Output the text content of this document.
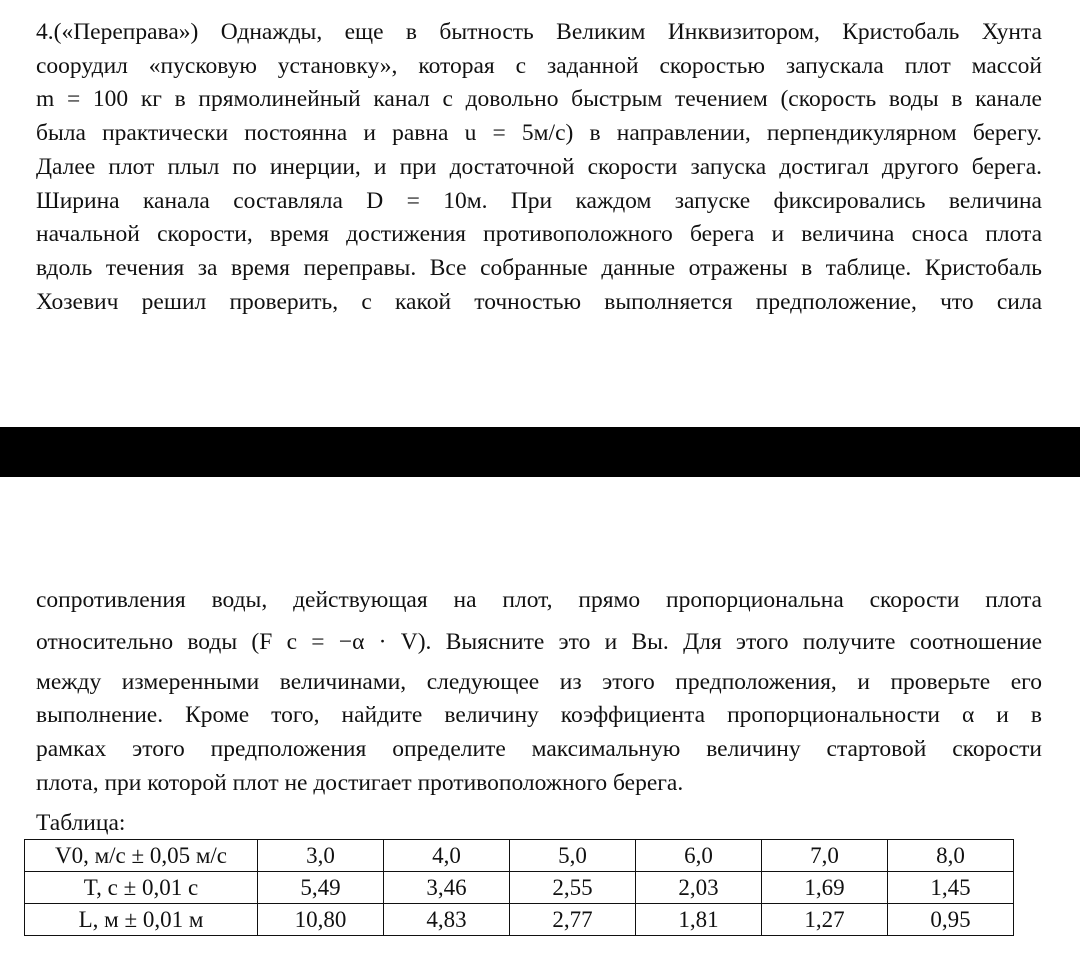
4.(«Переправа») Однажды, еще в бытность Великим Инквизитором, Кристобаль Хунта
соорудил «пусковую установку», которая с заданной скоростью запускала плот массой
m = 100 кг в прямолинейный канал с довольно быстрым течением (скорость воды в канале
была практически постоянна и равна u = 5м/с) в направлении, перпендикулярном берегу.
Далее плот плыл по инерции, и при достаточной скорости запуска достигал другого берега.
Ширина канала составляла D = 10м. При каждом запуске фиксировались величина
начальной скорости, время достижения противоположного берега и величина сноса плота
вдоль течения за время переправы. Все собранные данные отражены в таблице. Кристобаль
Хозевич решил проверить, с какой точностью выполняется предположение, что сила
сопротивления воды, действующая на плот, прямо пропорциональна скорости плота
относительно воды (F c = −α · V). Выясните это и Вы. Для этого получите соотношение
между измеренными величинами, следующее из этого предположения, и проверьте его
выполнение. Кроме того, найдите величину коэффициента пропорциональности α и в
рамках этого предположения определите максимальную величину стартовой скорости
плота, при которой плот не достигает противоположного берега.
Таблица:
V0, м/с ± 0,05 м/с	3,0	4,0	5,0	6,0	7,0	8,0
T, с ± 0,01 с	5,49	3,46	2,55	2,03	1,69	1,45
L, м ± 0,01 м	10,80	4,83	2,77	1,81	1,27	0,95
